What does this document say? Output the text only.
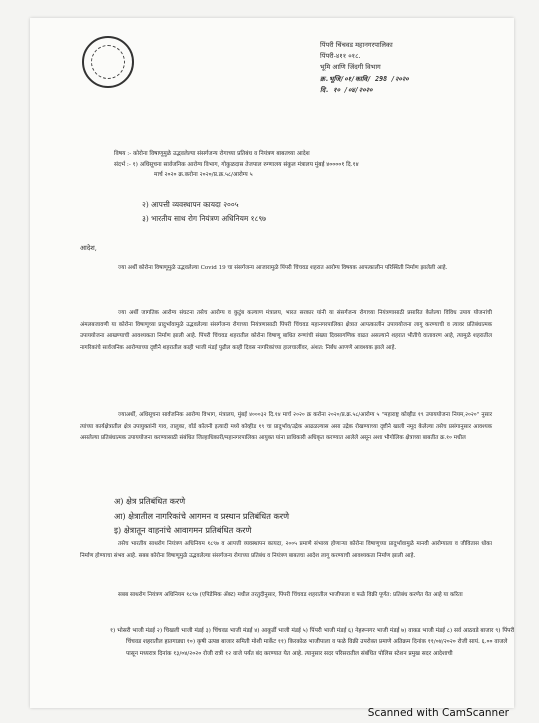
पिंपरी चिंचवड महानगरपालिका
पिंपरी-४११ ०१८.
भूमि आणि जिंदगी विभाग
क्र.भूजि/०१/कावि/ 298 /२०२०
दि. १० /०४/२०२०
विषय :- कोरोना विषाणूमुळे उद्भवलेल्या संसर्गजन्य रोगाच्या प्रतिबंध व नियंत्रण बाबतच्या आदेश
संदर्भ :- १) अधिसूचना सार्वजनिक आरोग्य विभाग, गोकुळदास तेजपाल रुग्णालय संकुल मंत्रालय मुंबई ४००००१ दि.१४
मार्च २०२० क्र.करोना २०२०/प्र.क्र.५८/आरोग्य ५
२) आपत्ती व्यवस्थापन कायदा २००५
३) भारतीय साथ रोग नियंत्रण अधिनियम १८९७
आदेश,

ज्या अर्थी कोरोना विषाणूमुळे उद्भवलेल्या Covid 19 चा संसर्गजन्य आजारामुळे पिंपरी चिंचवड शहरात आरोग्य विषयक आपत्कालीन परिस्थिती निर्माण झालेली आहे.

ज्या अर्थी जागतिक आरोग्य संघटना तसेच आरोग्य व कुटुंब कल्याण मंत्रालय, भारत सरकार यांनी या संसर्गजन्य रोगाच्या नियंत्रणासाठी प्रसारित केलेल्या विविध उपाय योजनांची अंमलबजावणी या कोरोना विषाणूच्या प्रादुर्भावामुळे उद्भवलेल्या संसर्गजन्य रोगाच्या नियंत्रणासाठी पिंपरी चिंचवड महानगरपालिका क्षेत्रात आपत्कालीन उपाययोजना लागू करण्याची व त्यावर प्रतिबंधात्मक उपाययोजना आखण्याची आवश्यकता निर्माण झाली आहे. पिंपरी चिंचवड शहरातील कोरोना विषाणू बाधित रुग्णांची संख्या दिवसागणिक वाढत असल्याने शहरात भीतीचे वातावरण आहे, त्यामुळे शहरातील नागरिकांचे सार्वजनिक आरोग्याच्या दृष्टीने शहरातील काही भाजी मंडई पुढील काही दिवस नागरिकांच्या हालचालींवर, अंशत: निर्बंध आणणे आवश्यक झाले आहे.

ज्याअर्थी, अधिसूचना सार्वजनिक आरोग्य विभाग, मंत्रालय, मुंबई ४०००३२ दि.१४ मार्च २०२० क्र करोना २०२०/प्र.क्र.५८/आरोग्य ५ "महाराष्ट्र कोव्हीड १९ उपाययोजना नियम,२०२०" नुसार त्यांच्या कार्यक्षेत्रातील क्षेत्र उपायुक्तांनी गाव, तालुका, वॉर्ड कॉलनी इत्यादी मध्ये कोव्हीड १९ चा प्रादुर्भाव/उद्रेक आढळल्यास असा उद्रेक रोखण्याच्या दृष्टीने खाली नमूद केलेल्या तसेच प्रसंगानुसार आवश्यक असलेल्या प्रतिबंधात्मक उपाययोजना करण्यासाठी संबंधित जिल्हाधिकारी/महानगरपालिका आयुक्त यांना प्राधिकारी अधिकृत करण्यात आलेले असून अशा भौगोलिक क्षेत्राच्या बाबतीत क्र.१० मधील

अ) क्षेत्र प्रतिबंधित करणे
आ) क्षेत्रातील नागरिकांचे आगमन व प्रस्थान प्रतिबंधित करणे
इ) क्षेत्रातून वाहनांचे आवागमन प्रतिबंधित करणे

तसेच भारतीय साथरोग नियंत्रण अधिनियम १८९७ व आपत्ती व्यवस्थापन कायदा, २००५ प्रमाणे संभाव्य होणाऱ्या कोरोना विषाणूच्या प्रादुर्भावामुळे मानवी आरोग्याला व जीवितास धोका निर्माण होण्याचा संभव आहे. सबब कोरोना विषाणूमुळे उद्भवलेल्या संसर्गजन्य रोगाच्या प्रतिबंध व नियंत्रण बाबतचा आदेश लागू करण्याची आवश्यकता निर्माण झाली आहे.

सबब साथरोग नियंत्रण अधिनियम १८९७ (एपिडेमिक ॲक्ट) मधील तरतुदीनुसार, पिंपरी चिंचवड शहरातील भाजीपाला व फळे विक्री पूर्णत: प्रतिबंध करणेत येत आहे या करिता

१) भोसरी भाजी मंडई २) चिखली भाजी मंडई ३) चिंचवड भाजी मंडई ४) आकुर्डी भाजी मंडई ५) पिंपरी भाजी मंडई ६) नेहरूनगर भाजी मंडई ७) वाकड भाजी मंडई ८) सर्व आठवडे बाजार ९) पिंपरी चिंचवड शहरातील हातगाड्या १०) कृषी उत्पन्न बाजार समिती मोशी मार्केट ११) किरकोळ भाजीपाला व फळे विक्री उपरोक्त प्रमाणे अतिक्रम दिनांक ११/०४/२०२० रोजी सायं. ६.०० वाजले पासून मध्यरात्र दिनांक १३/०४/२०२० रोजी रात्री १२ वाजे पर्यंत बंद करण्यात येत आहे. त्यानुसार सदर परिसरातील संबंधित पोलिस स्टेशन प्रमुख सदर आदेशाची
Scanned with CamScanner
